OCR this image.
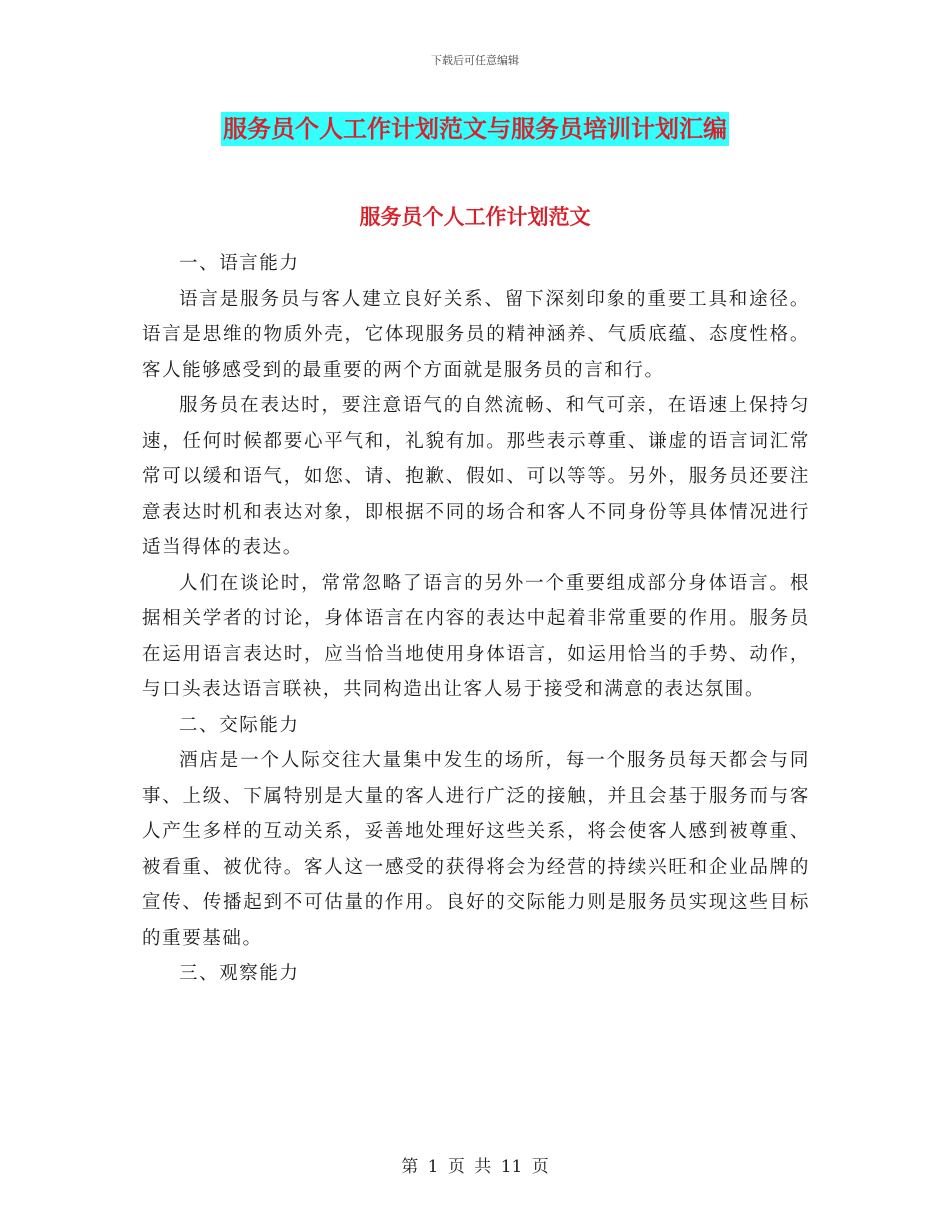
下载后可任意编辑
服务员个人工作计划范文与服务员培训计划汇编
服务员个人工作计划范文

一、语言能力

语言是服务员与客人建立良好关系、留下深刻印象的重要工具和途径。语言是思维的物质外壳，它体现服务员的精神涵养、气质底蕴、态度性格。客人能够感受到的最重要的两个方面就是服务员的言和行。

服务员在表达时，要注意语气的自然流畅、和气可亲，在语速上保持匀速，任何时候都要心平气和，礼貌有加。那些表示尊重、谦虚的语言词汇常常可以缓和语气，如您、请、抱歉、假如、可以等等。另外，服务员还要注意表达时机和表达对象，即根据不同的场合和客人不同身份等具体情况进行适当得体的表达。

人们在谈论时，常常忽略了语言的另外一个重要组成部分身体语言。根据相关学者的讨论，身体语言在内容的表达中起着非常重要的作用。服务员在运用语言表达时，应当恰当地使用身体语言，如运用恰当的手势、动作，与口头表达语言联袂，共同构造出让客人易于接受和满意的表达氛围。

二、交际能力

酒店是一个人际交往大量集中发生的场所，每一个服务员每天都会与同事、上级、下属特别是大量的客人进行广泛的接触，并且会基于服务而与客人产生多样的互动关系，妥善地处理好这些关系，将会使客人感到被尊重、被看重、被优待。客人这一感受的获得将会为经营的持续兴旺和企业品牌的宣传、传播起到不可估量的作用。良好的交际能力则是服务员实现这些目标的重要基础。

三、观察能力

第 1 页 共 11 页
